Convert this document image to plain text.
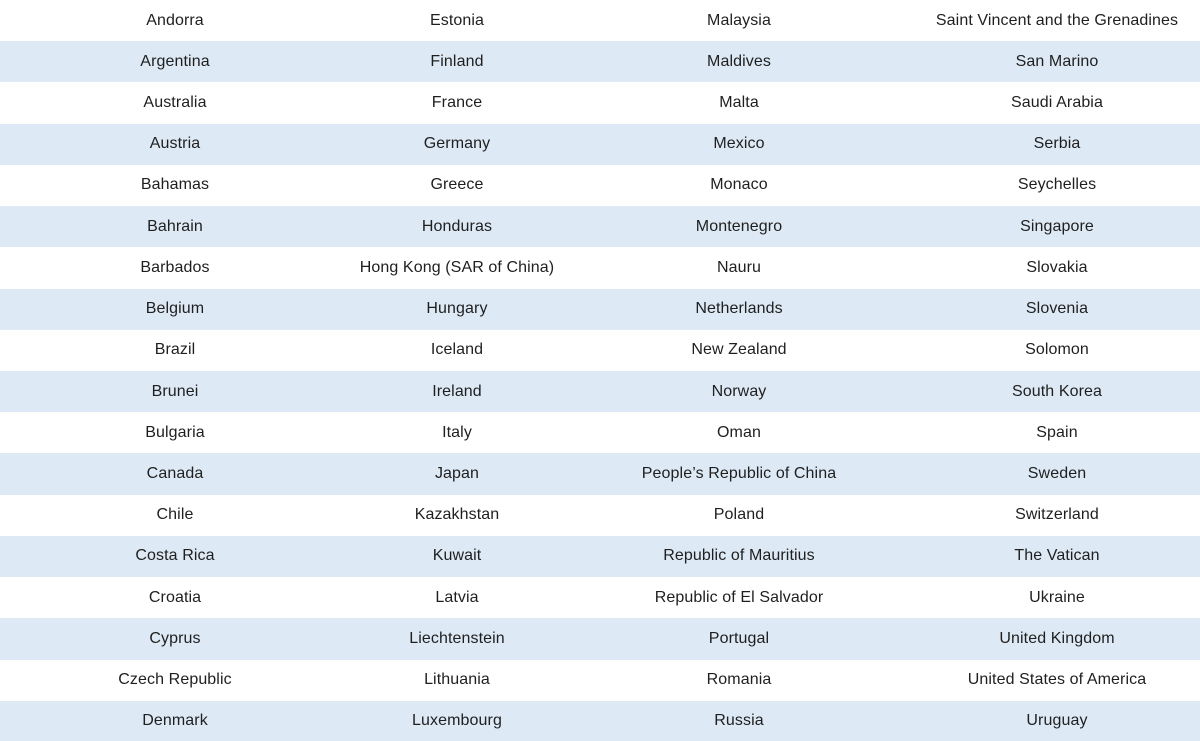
Andorra	Estonia	Malaysia	Saint Vincent and the Grenadines
Argentina	Finland	Maldives	San Marino
Australia	France	Malta	Saudi Arabia
Austria	Germany	Mexico	Serbia
Bahamas	Greece	Monaco	Seychelles
Bahrain	Honduras	Montenegro	Singapore
Barbados	Hong Kong (SAR of China)	Nauru	Slovakia
Belgium	Hungary	Netherlands	Slovenia
Brazil	Iceland	New Zealand	Solomon
Brunei	Ireland	Norway	South Korea
Bulgaria	Italy	Oman	Spain
Canada	Japan	People’s Republic of China	Sweden
Chile	Kazakhstan	Poland	Switzerland
Costa Rica	Kuwait	Republic of Mauritius	The Vatican
Croatia	Latvia	Republic of El Salvador	Ukraine
Cyprus	Liechtenstein	Portugal	United Kingdom
Czech Republic	Lithuania	Romania	United States of America
Denmark	Luxembourg	Russia	Uruguay
